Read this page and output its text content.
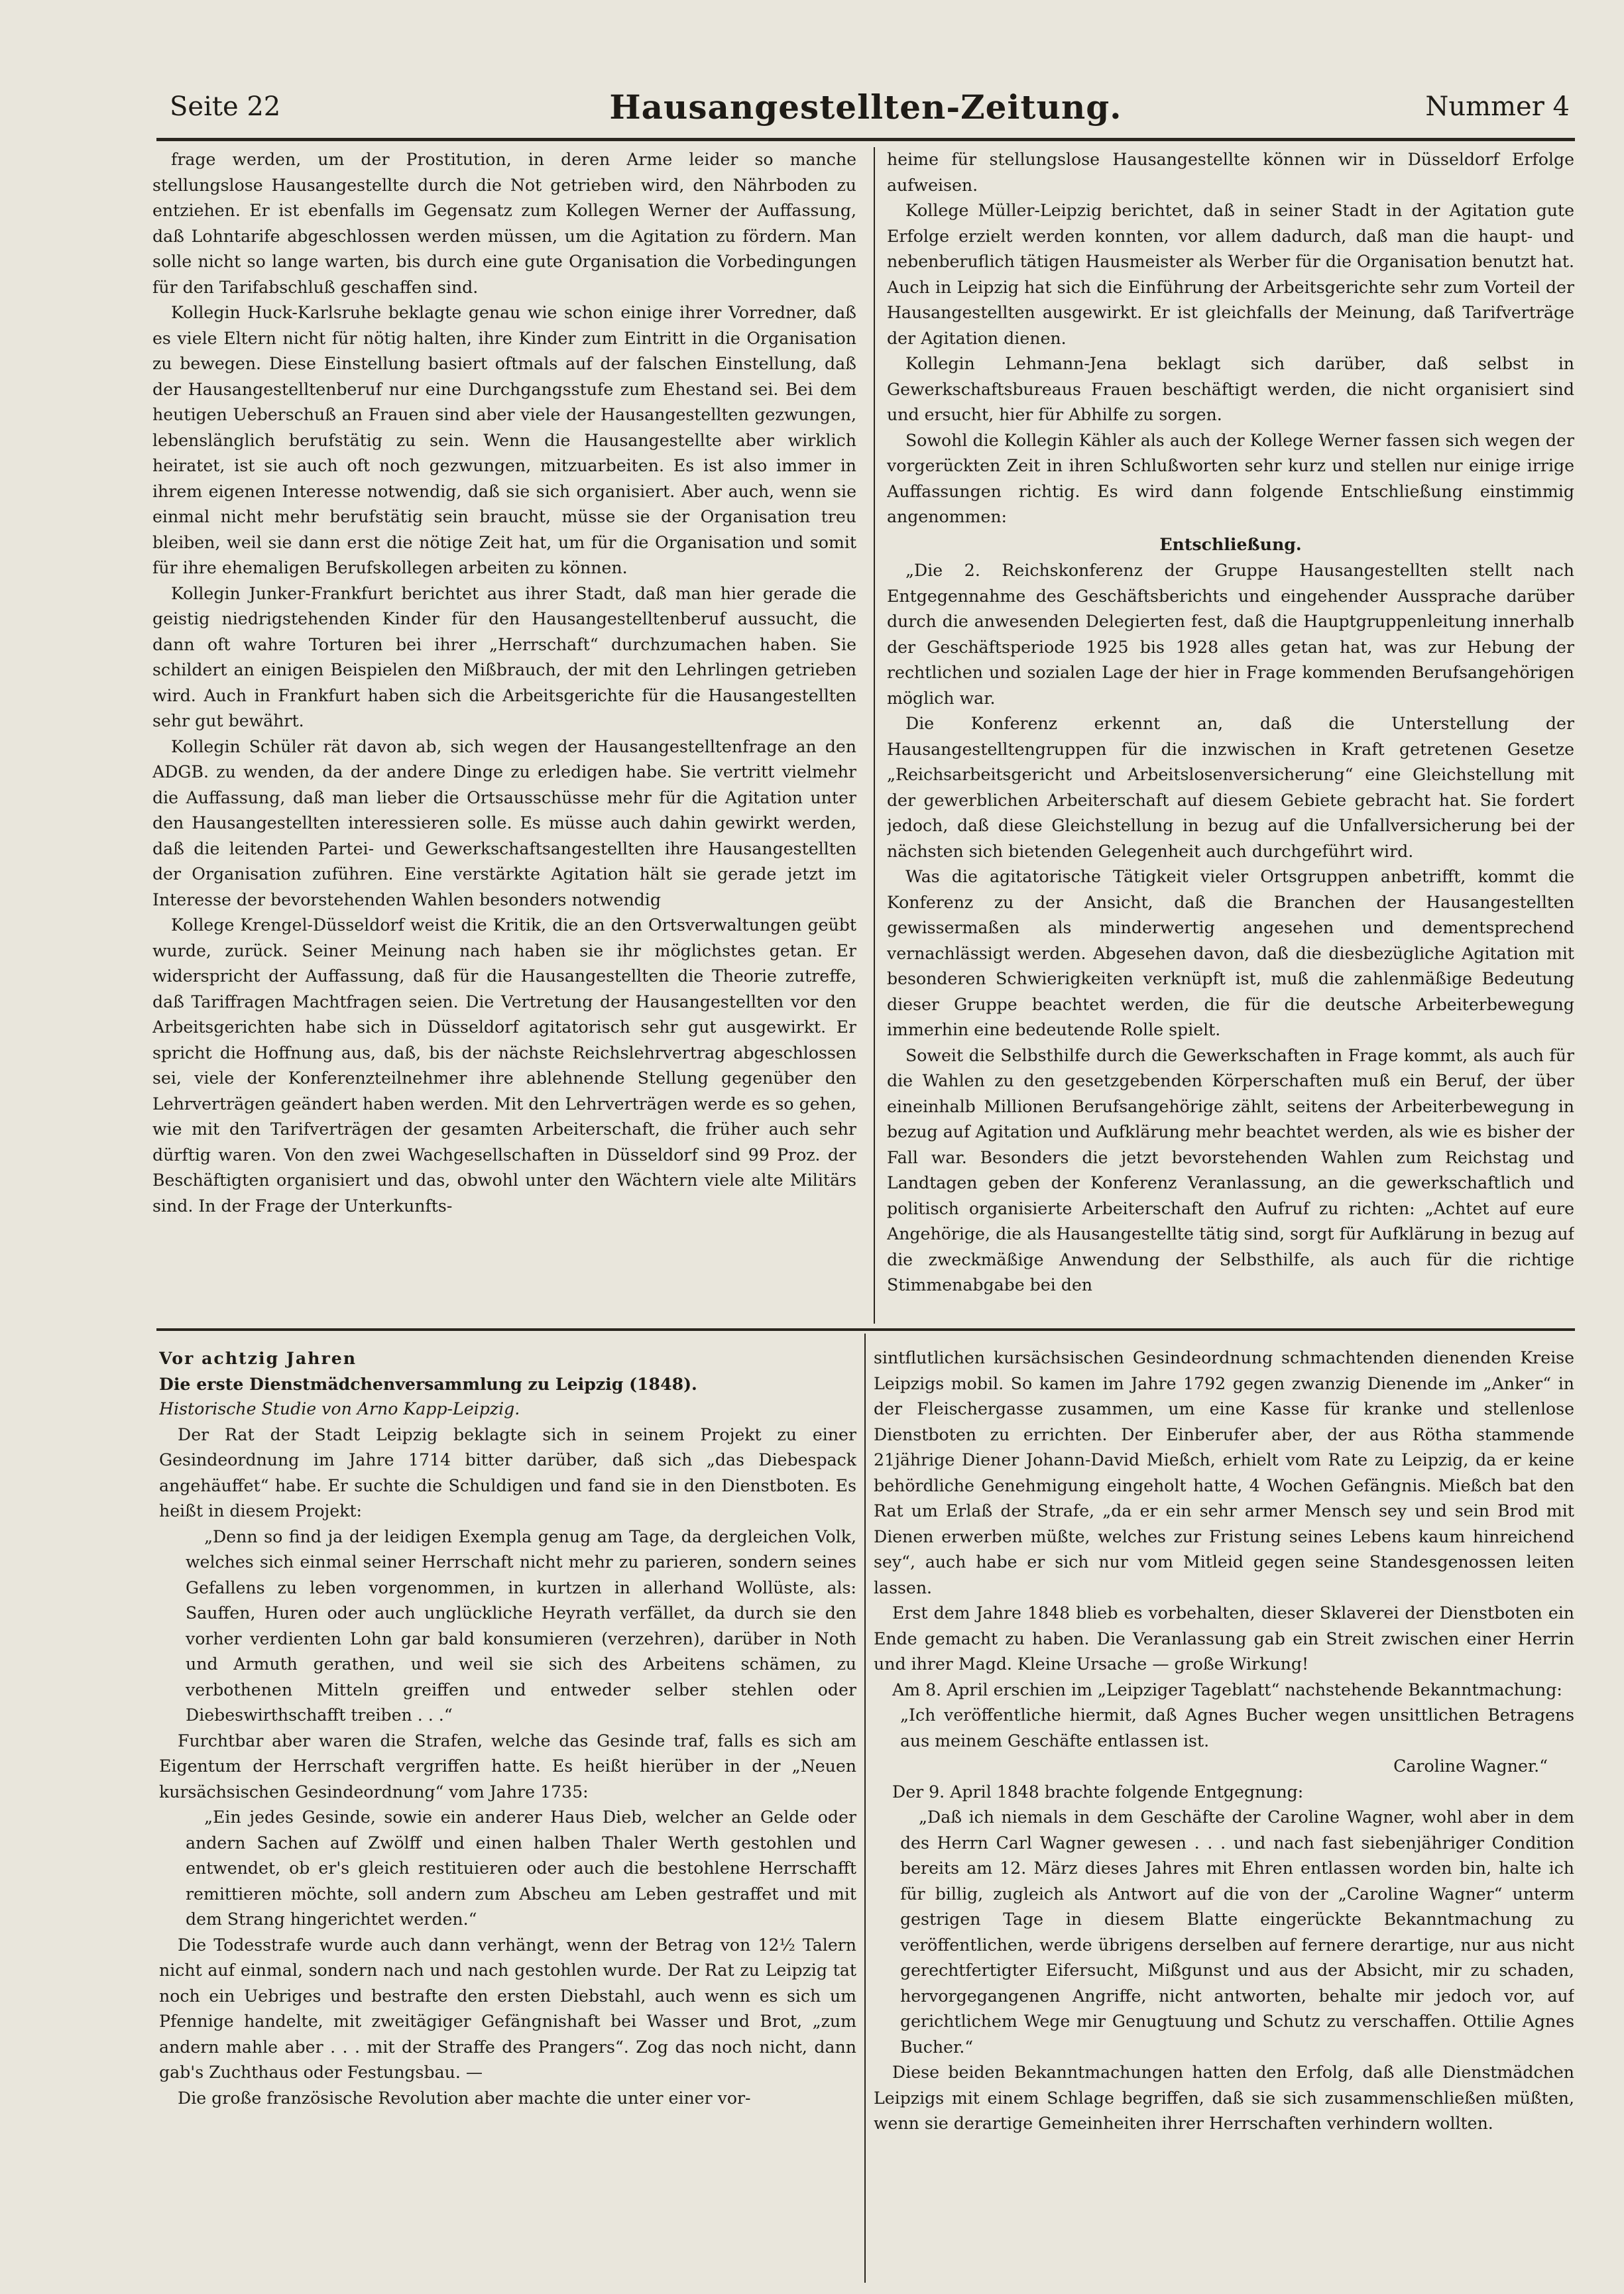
Seite 22	Hausangestellten-Zeitung.	Nummer 4

frage werden, um der Prostitution, in deren Arme leider so manche stellungslose Hausangestellte durch die Not getrieben wird, den Nährboden zu entziehen. Er ist ebenfalls im Gegensatz zum Kollegen Werner der Auffassung, daß Lohntarife abgeschlossen werden müssen, um die Agitation zu fördern. Man solle nicht so lange warten, bis durch eine gute Organisation die Vorbedingungen für den Tarifabschluß geschaffen sind.

Kollegin Huck-Karlsruhe beklagte genau wie schon einige ihrer Vorredner, daß es viele Eltern nicht für nötig halten, ihre Kinder zum Eintritt in die Organisation zu bewegen. Diese Einstellung basiert oftmals auf der falschen Einstellung, daß der Hausangestelltenberuf nur eine Durchgangsstufe zum Ehestand sei. Bei dem heutigen Ueberschuß an Frauen sind aber viele der Hausangestellten gezwungen, lebenslänglich berufstätig zu sein. Wenn die Hausangestellte aber wirklich heiratet, ist sie auch oft noch gezwungen, mitzuarbeiten. Es ist also immer in ihrem eigenen Interesse notwendig, daß sie sich organisiert. Aber auch, wenn sie einmal nicht mehr berufstätig sein braucht, müsse sie der Organisation treu bleiben, weil sie dann erst die nötige Zeit hat, um für die Organisation und somit für ihre ehemaligen Berufskollegen arbeiten zu können.

Kollegin Junker-Frankfurt berichtet aus ihrer Stadt, daß man hier gerade die geistig niedrigstehenden Kinder für den Hausangestelltenberuf aussucht, die dann oft wahre Torturen bei ihrer „Herrschaft“ durchzumachen haben. Sie schildert an einigen Beispielen den Mißbrauch, der mit den Lehrlingen getrieben wird. Auch in Frankfurt haben sich die Arbeitsgerichte für die Hausangestellten sehr gut bewährt.

Kollegin Schüler rät davon ab, sich wegen der Hausangestelltenfrage an den ADGB. zu wenden, da der andere Dinge zu erledigen habe. Sie vertritt vielmehr die Auffassung, daß man lieber die Ortsausschüsse mehr für die Agitation unter den Hausangestellten interessieren solle. Es müsse auch dahin gewirkt werden, daß die leitenden Partei- und Gewerkschaftsangestellten ihre Hausangestellten der Organisation zuführen. Eine verstärkte Agitation hält sie gerade jetzt im Interesse der bevorstehenden Wahlen besonders notwendig

Kollege Krengel-Düsseldorf weist die Kritik, die an den Ortsverwaltungen geübt wurde, zurück. Seiner Meinung nach haben sie ihr möglichstes getan. Er widerspricht der Auffassung, daß für die Hausangestellten die Theorie zutreffe, daß Tariffragen Machtfragen seien. Die Vertretung der Hausangestellten vor den Arbeitsgerichten habe sich in Düsseldorf agitatorisch sehr gut ausgewirkt. Er spricht die Hoffnung aus, daß, bis der nächste Reichslehrvertrag abgeschlossen sei, viele der Konferenzteilnehmer ihre ablehnende Stellung gegenüber den Lehrverträgen geändert haben werden. Mit den Lehrverträgen werde es so gehen, wie mit den Tarifverträgen der gesamten Arbeiterschaft, die früher auch sehr dürftig waren. Von den zwei Wachgesellschaften in Düsseldorf sind 99 Proz. der Beschäftigten organisiert und das, obwohl unter den Wächtern viele alte Militärs sind. In der Frage der Unterkunfts-

heime für stellungslose Hausangestellte können wir in Düsseldorf Erfolge aufweisen.

Kollege Müller-Leipzig berichtet, daß in seiner Stadt in der Agitation gute Erfolge erzielt werden konnten, vor allem dadurch, daß man die haupt- und nebenberuflich tätigen Hausmeister als Werber für die Organisation benutzt hat. Auch in Leipzig hat sich die Einführung der Arbeitsgerichte sehr zum Vorteil der Hausangestellten ausgewirkt. Er ist gleichfalls der Meinung, daß Tarifverträge der Agitation dienen.

Kollegin Lehmann-Jena beklagt sich darüber, daß selbst in Gewerkschaftsbureaus Frauen beschäftigt werden, die nicht organisiert sind und ersucht, hier für Abhilfe zu sorgen.

Sowohl die Kollegin Kähler als auch der Kollege Werner fassen sich wegen der vorgerückten Zeit in ihren Schlußworten sehr kurz und stellen nur einige irrige Auffassungen richtig. Es wird dann folgende Entschließung einstimmig angenommen:

Entschließung.

„Die 2. Reichskonferenz der Gruppe Hausangestellten stellt nach Entgegennahme des Geschäftsberichts und eingehender Aussprache darüber durch die anwesenden Delegierten fest, daß die Hauptgruppenleitung innerhalb der Geschäftsperiode 1925 bis 1928 alles getan hat, was zur Hebung der rechtlichen und sozialen Lage der hier in Frage kommenden Berufsangehörigen möglich war.

Die Konferenz erkennt an, daß die Unterstellung der Hausangestelltengruppen für die inzwischen in Kraft getretenen Gesetze „Reichsarbeitsgericht und Arbeitslosenversicherung“ eine Gleichstellung mit der gewerblichen Arbeiterschaft auf diesem Gebiete gebracht hat. Sie fordert jedoch, daß diese Gleichstellung in bezug auf die Unfallversicherung bei der nächsten sich bietenden Gelegenheit auch durchgeführt wird.

Was die agitatorische Tätigkeit vieler Ortsgruppen anbetrifft, kommt die Konferenz zu der Ansicht, daß die Branchen der Hausangestellten gewissermaßen als minderwertig angesehen und dementsprechend vernachlässigt werden. Abgesehen davon, daß die diesbezügliche Agitation mit besonderen Schwierigkeiten verknüpft ist, muß die zahlenmäßige Bedeutung dieser Gruppe beachtet werden, die für die deutsche Arbeiterbewegung immerhin eine bedeutende Rolle spielt.

Soweit die Selbsthilfe durch die Gewerkschaften in Frage kommt, als auch für die Wahlen zu den gesetzgebenden Körperschaften muß ein Beruf, der über eineinhalb Millionen Berufsangehörige zählt, seitens der Arbeiterbewegung in bezug auf Agitation und Aufklärung mehr beachtet werden, als wie es bisher der Fall war. Besonders die jetzt bevorstehenden Wahlen zum Reichstag und Landtagen geben der Konferenz Veranlassung, an die gewerkschaftlich und politisch organisierte Arbeiterschaft den Aufruf zu richten: „Achtet auf eure Angehörige, die als Hausangestellte tätig sind, sorgt für Aufklärung in bezug auf die zweckmäßige Anwendung der Selbsthilfe, als auch für die richtige Stimmenabgabe bei den

Vor achtzig Jahren

Die erste Dienstmädchenversammlung zu Leipzig (1848).

Historische Studie von Arno Kapp-Leipzig.

Der Rat der Stadt Leipzig beklagte sich in seinem Projekt zu einer Gesindeordnung im Jahre 1714 bitter darüber, daß sich „das Diebespack angehäuffet“ habe. Er suchte die Schuldigen und fand sie in den Dienstboten. Es heißt in diesem Projekt:

„Denn so find ja der leidigen Exempla genug am Tage, da dergleichen Volk, welches sich einmal seiner Herrschaft nicht mehr zu parieren, sondern seines Gefallens zu leben vorgenommen, in kurtzen in allerhand Wollüste, als: Sauffen, Huren oder auch unglückliche Heyrath verfället, da durch sie den vorher verdienten Lohn gar bald konsumieren (verzehren), darüber in Noth und Armuth gerathen, und weil sie sich des Arbeitens schämen, zu verbothenen Mitteln greiffen und entweder selber stehlen oder Diebeswirthschafft treiben . . .“

Furchtbar aber waren die Strafen, welche das Gesinde traf, falls es sich am Eigentum der Herrschaft vergriffen hatte. Es heißt hierüber in der „Neuen kursächsischen Gesindeordnung“ vom Jahre 1735:

„Ein jedes Gesinde, sowie ein anderer Haus Dieb, welcher an Gelde oder andern Sachen auf Zwölff und einen halben Thaler Werth gestohlen und entwendet, ob er's gleich restituieren oder auch die bestohlene Herrschafft remittieren möchte, soll andern zum Abscheu am Leben gestraffet und mit dem Strang hingerichtet werden.“

Die Todesstrafe wurde auch dann verhängt, wenn der Betrag von 12½ Talern nicht auf einmal, sondern nach und nach gestohlen wurde. Der Rat zu Leipzig tat noch ein Uebriges und bestrafte den ersten Diebstahl, auch wenn es sich um Pfennige handelte, mit zweitägiger Gefängnishaft bei Wasser und Brot, „zum andern mahle aber . . . mit der Straffe des Prangers“. Zog das noch nicht, dann gab's Zuchthaus oder Festungsbau. —

Die große französische Revolution aber machte die unter einer vor-

sintflutlichen kursächsischen Gesindeordnung schmachtenden dienenden Kreise Leipzigs mobil. So kamen im Jahre 1792 gegen zwanzig Dienende im „Anker“ in der Fleischergasse zusammen, um eine Kasse für kranke und stellenlose Dienstboten zu errichten. Der Einberufer aber, der aus Rötha stammende 21jährige Diener Johann-David Mießch, erhielt vom Rate zu Leipzig, da er keine behördliche Genehmigung eingeholt hatte, 4 Wochen Gefängnis. Mießch bat den Rat um Erlaß der Strafe, „da er ein sehr armer Mensch sey und sein Brod mit Dienen erwerben müßte, welches zur Fristung seines Lebens kaum hinreichend sey“, auch habe er sich nur vom Mitleid gegen seine Standesgenossen leiten lassen.

Erst dem Jahre 1848 blieb es vorbehalten, dieser Sklaverei der Dienstboten ein Ende gemacht zu haben. Die Veranlassung gab ein Streit zwischen einer Herrin und ihrer Magd. Kleine Ursache — große Wirkung!

Am 8. April erschien im „Leipziger Tageblatt“ nachstehende Bekanntmachung:

„Ich veröffentliche hiermit, daß Agnes Bucher wegen unsittlichen Betragens aus meinem Geschäfte entlassen ist.

Caroline Wagner.“

Der 9. April 1848 brachte folgende Entgegnung:

„Daß ich niemals in dem Geschäfte der Caroline Wagner, wohl aber in dem des Herrn Carl Wagner gewesen . . . und nach fast siebenjähriger Condition bereits am 12. März dieses Jahres mit Ehren entlassen worden bin, halte ich für billig, zugleich als Antwort auf die von der „Caroline Wagner“ unterm gestrigen Tage in diesem Blatte eingerückte Bekanntmachung zu veröffentlichen, werde übrigens derselben auf fernere derartige, nur aus nicht gerechtfertigter Eifersucht, Mißgunst und aus der Absicht, mir zu schaden, hervorgegangenen Angriffe, nicht antworten, behalte mir jedoch vor, auf gerichtlichem Wege mir Genugtuung und Schutz zu verschaffen. Ottilie Agnes Bucher.“

Diese beiden Bekanntmachungen hatten den Erfolg, daß alle Dienstmädchen Leipzigs mit einem Schlage begriffen, daß sie sich zusammenschließen müßten, wenn sie derartige Gemeinheiten ihrer Herrschaften verhindern wollten.
